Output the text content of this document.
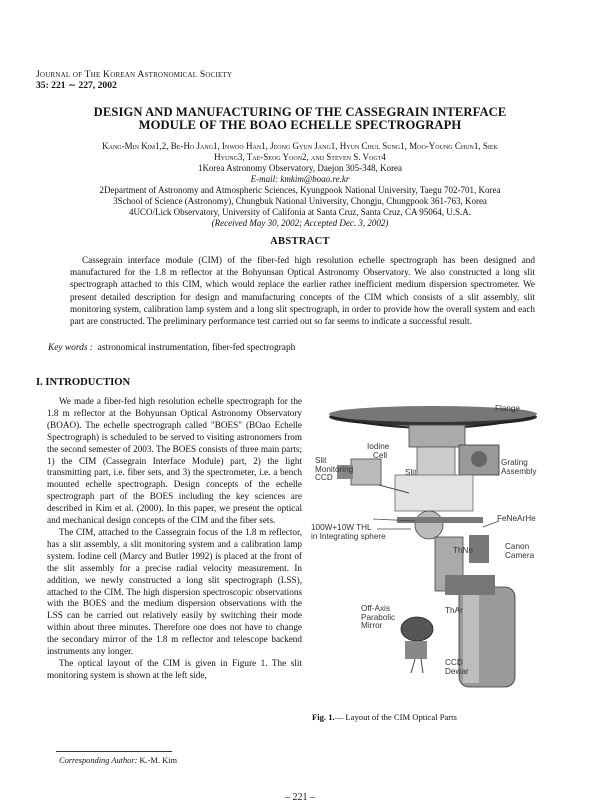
Journal of The Korean Astronomical Society
35: 221 ∼ 227, 2002
DESIGN AND MANUFACTURING OF THE CASSEGRAIN INTERFACE
MODULE OF THE BOAO ECHELLE SPECTROGRAPH
Kang-Min Kim1,2, Be-Ho Jang1, Inwoo Han1, Jeong Gyun Jang1, Hyun Chul Sung1, Moo-Young Chun1, Siek
Hyung3, Tae-Seog Yoon2, and Steven S. Vogt4
1Korea Astronomy Observatory, Daejon 305-348, Korea
E-mail: kmkim@boao.re.kr
2Department of Astronomy and Atmospheric Sciences, Kyungpook National University, Taegu 702-701, Korea
3School of Science (Astronomy), Chungbuk National University, Chongju, Chungpook 361-763, Korea
4UCO/Lick Observatory, University of Califonia at Santa Cruz, Santa Cruz, CA 95064, U.S.A.
(Received May 30, 2002; Accepted Dec. 3, 2002)
ABSTRACT
Cassegrain interface module (CIM) of the fiber-fed high resolution echelle spectrograph has been designed and manufactured for the 1.8 m reflector at the Bohyunsan Optical Astronomy Observatory. We also constructed a long slit spectrograph attached to this CIM, which would replace the earlier rather inefficient medium dispersion spectrometer. We present detailed description for design and manufacturing concepts of the CIM which consists of a slit assembly, slit monitoring system, calibration lamp system and a long slit spectrograph, in order to provide how the overall system and each part are constructed. The preliminary performance test carried out so far seems to indicate a successful result.
Key words : astronomical instrumentation, fiber-fed spectrograph
I. INTRODUCTION

We made a fiber-fed high resolution echelle spectrograph for the 1.8 m reflector at the Bohyunsan Optical Astronomy Observatory (BOAO). The echelle spectrograph called "BOES" (BOao Echelle Spectrograph) is scheduled to be served to visiting astronomers from the second semester of 2003. The BOES consists of three main parts; 1) the CIM (Cassegrain Interface Module) part, 2) the light transmitting part, i.e. fiber sets, and 3) the spectrometer, i.e. a bench mounted echelle spectrograph. Design concepts of the echelle spectrograph part of the BOES including the key sciences are described in Kim et al. (2000). In this paper, we present the optical and mechanical design concepts of the CIM and the fiber sets.

The CIM, attached to the Cassegrain focus of the 1.8 m reflector, has a slit assembly, a slit monitoring system and a calibration lamp system. Iodine cell (Marcy and Butler 1992) is placed at the front of the slit assembly for a precise radial velocity measurement. In addition, we newly constructed a long slit spectrograph (LSS), attached to the CIM. The high dispersion spectroscopic observations with the BOES and the medium dispersion observations with the LSS can be carried out relatively easily by switching their mode within about three minutes. Therefore one does not have to change the secondary mirror of the 1.8 m reflector and telescope backend instruments any longer.

The optical layout of the CIM is given in Figure 1. The slit monitoring system is shown at the left side,

Flange
Iodine
Cell
Slit
Monitoring
CCD
Slit
Grating
Assembly
FeNeArHe
100W+10W THL
in Integrating sphere
ThNe	Canon
Camera
Off-Axis
Parabolic
Mirror
ThAr
CCD
Dewar
Fig. 1.— Layout of the CIM Optical Parts
Corresponding Author: K.-M. Kim
– 221 –
